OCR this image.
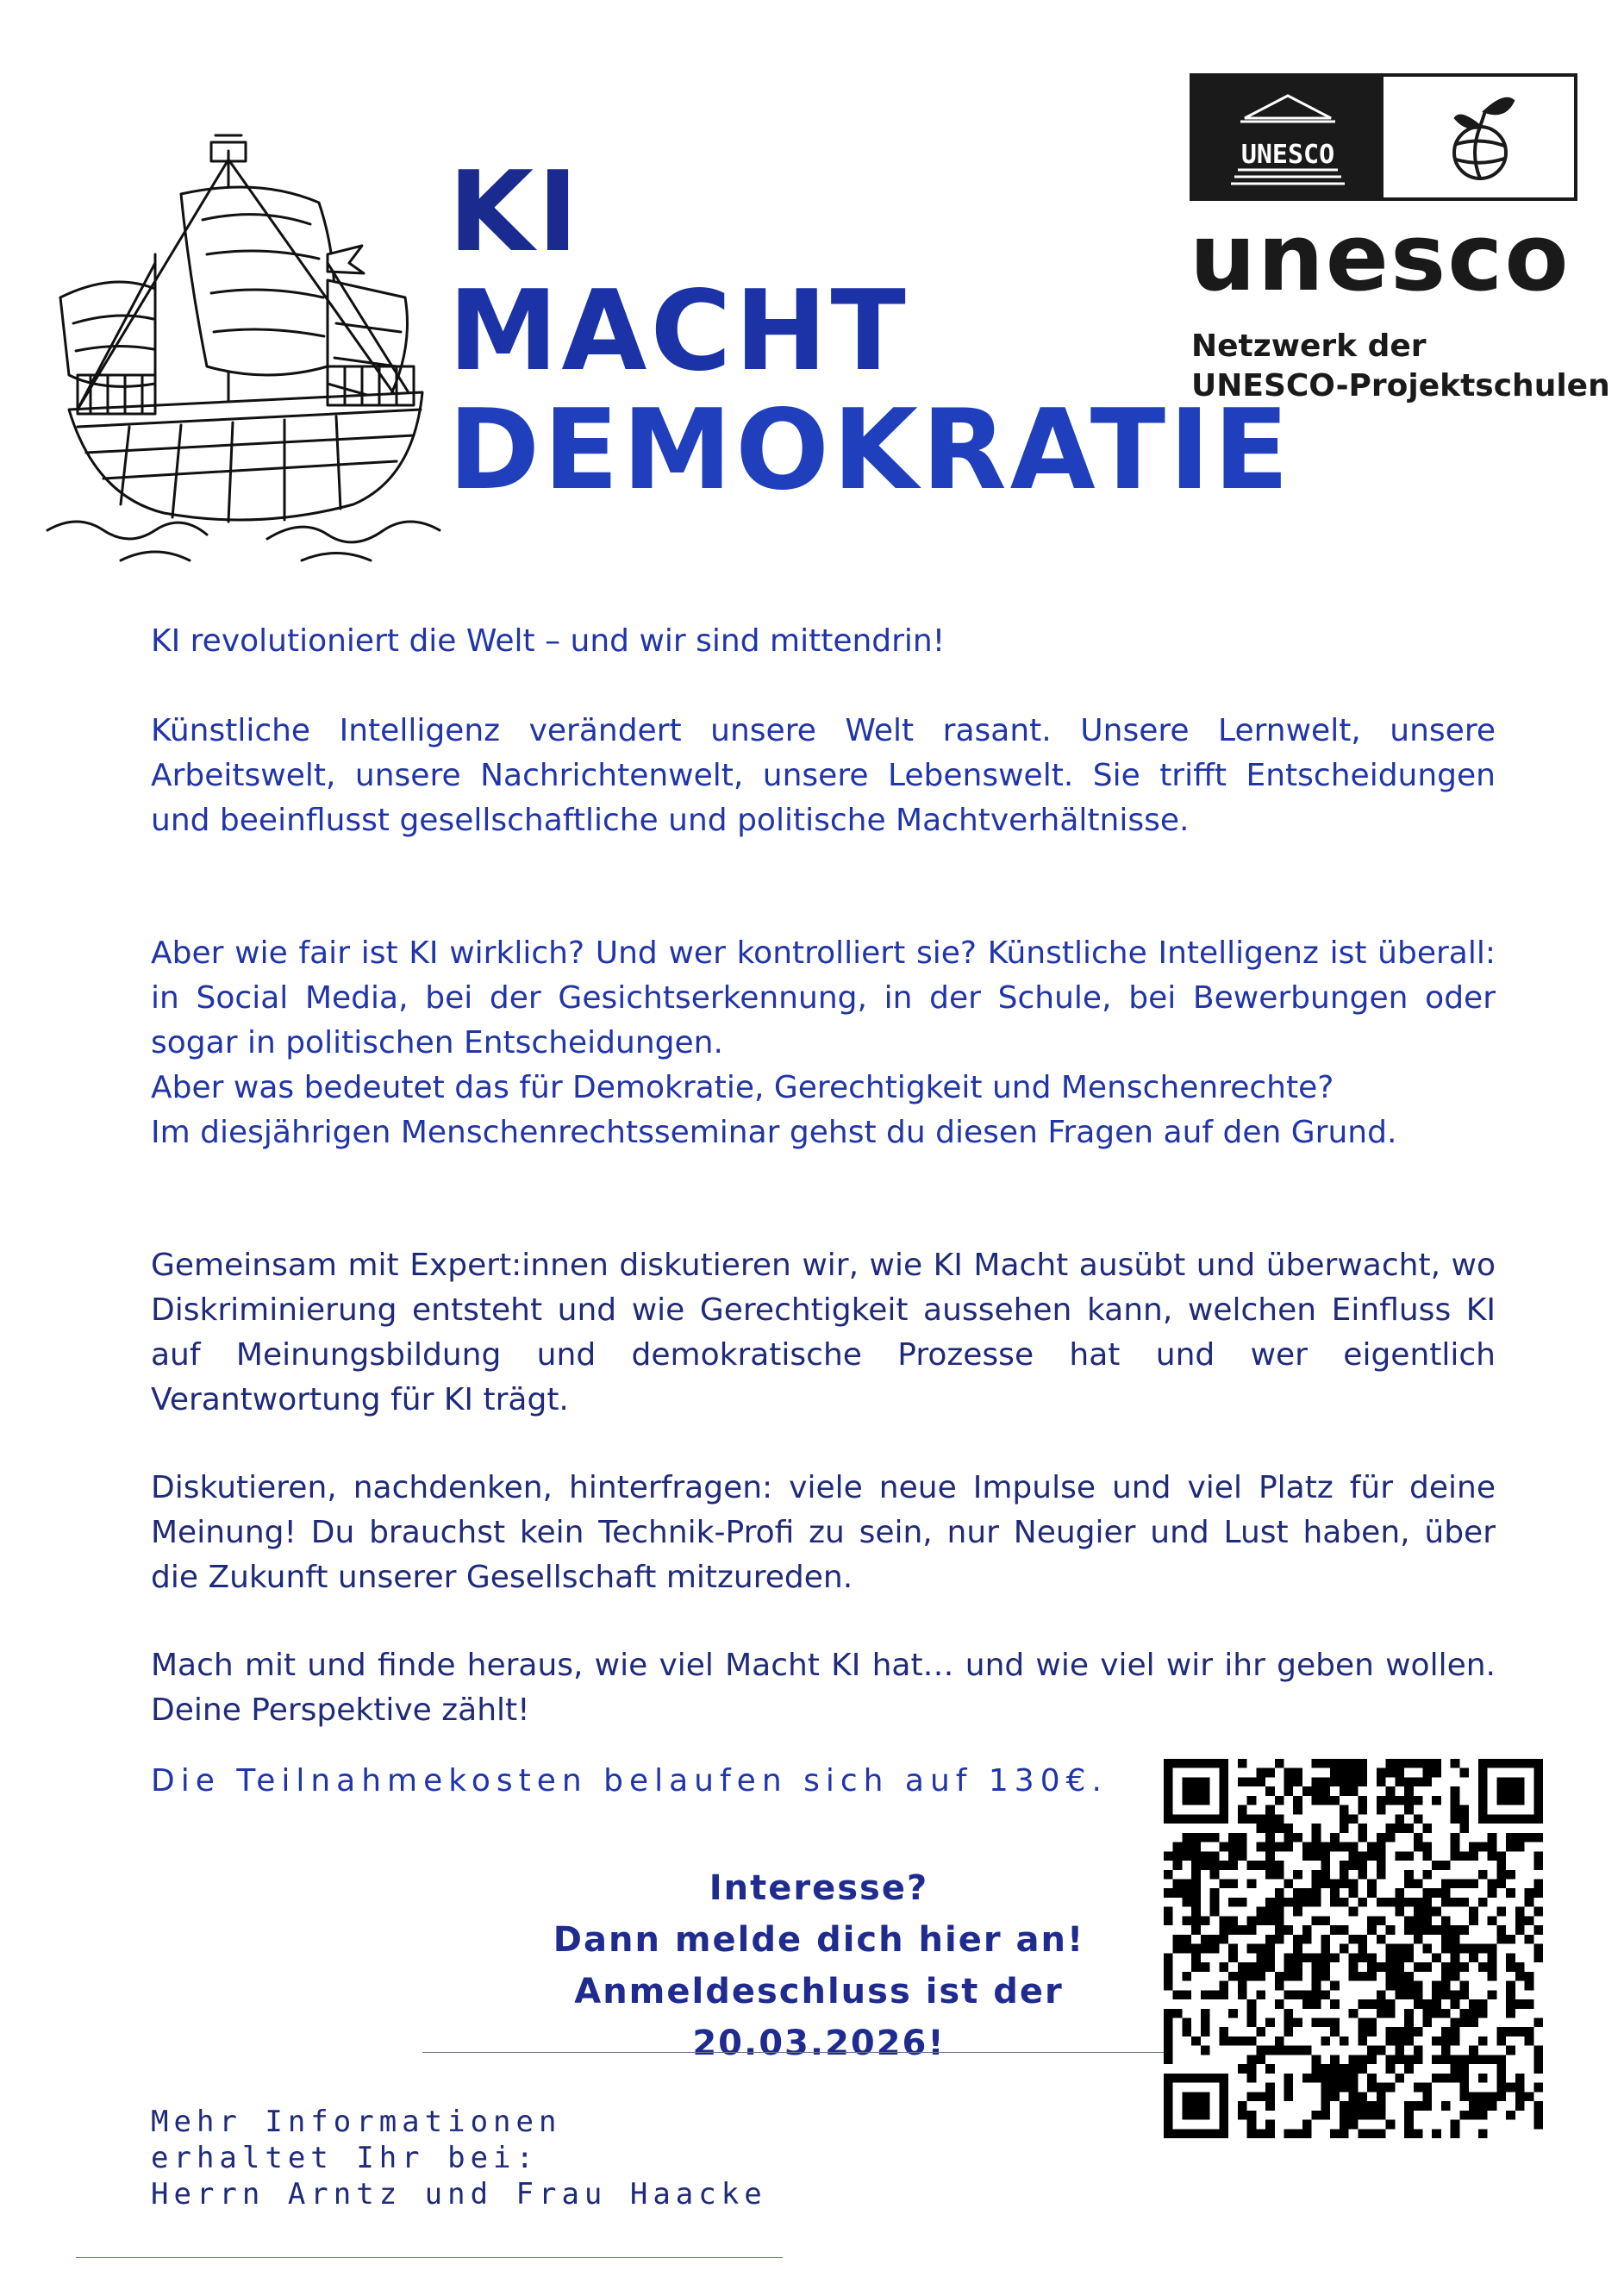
KI
MACHT
DEMOKRATIE
UNESCO
unesco
Netzwerk der
UNESCO-Projektschulen

KI revolutioniert die Welt – und wir sind mittendrin!

Künstliche Intelligenz verändert unsere Welt rasant. Unsere Lernwelt, unsere Arbeitswelt, unsere Nachrichtenwelt, unsere Lebenswelt. Sie trifft Entscheidungen und beeinflusst gesellschaftliche und politische Machtverhältnisse.

Aber wie fair ist KI wirklich? Und wer kontrolliert sie? Künstliche Intelligenz ist überall: in Social Media, bei der Gesichtserkennung, in der Schule, bei Bewerbungen oder sogar in politischen Entscheidungen.
Aber was bedeutet das für Demokratie, Gerechtigkeit und Menschenrechte?
Im diesjährigen Menschenrechtsseminar gehst du diesen Fragen auf den Grund.

Gemeinsam mit Expert:innen diskutieren wir, wie KI Macht ausübt und überwacht, wo Diskriminierung entsteht und wie Gerechtigkeit aussehen kann, welchen Einfluss KI auf Meinungsbildung und demokratische Prozesse hat und wer eigentlich Verantwortung für KI trägt.

Diskutieren, nachdenken, hinterfragen: viele neue Impulse und viel Platz für deine Meinung! Du brauchst kein Technik-Profi zu sein, nur Neugier und Lust haben, über die Zukunft unserer Gesellschaft mitzureden.

Mach mit und finde heraus, wie viel Macht KI hat… und wie viel wir ihr geben wollen. Deine Perspektive zählt!

Die Teilnahmekosten belaufen sich auf 130€.
Interesse?
Dann melde dich hier an!
Anmeldeschluss ist der
20.03.2026!
Mehr Informationen
erhaltet Ihr bei:
Herrn Arntz und Frau Haacke
